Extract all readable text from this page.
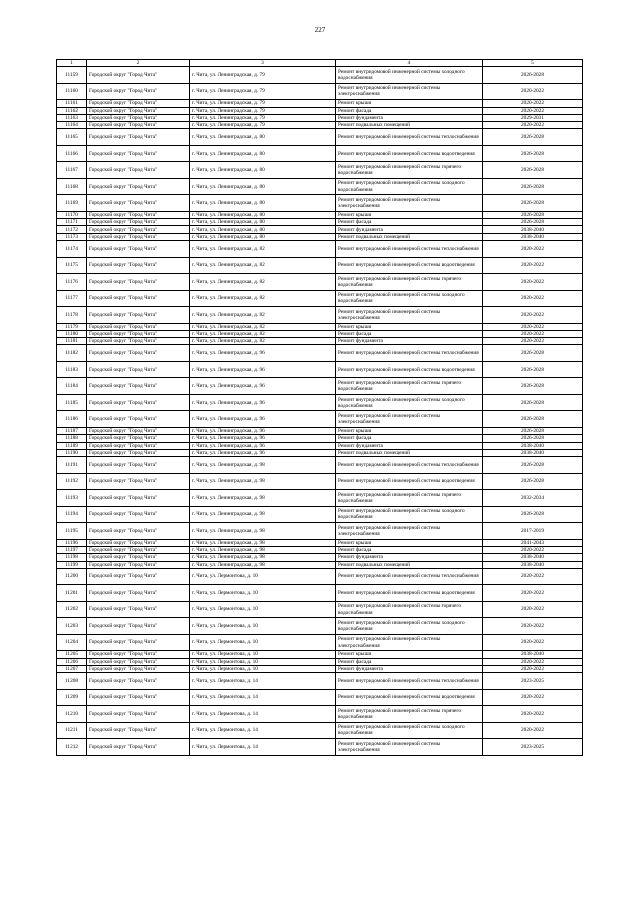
227
1	2	3	4	5
11159	Городской округ "Город Чита"	г. Чита, ул. Ленинградская, д. 79	Ремонт внутридомовой инженерной системы холодного водоснабжения	2026-2028
11160	Городской округ "Город Чита"	г. Чита, ул. Ленинградская, д. 79	Ремонт внутридомовой инженерной системы электроснабжения	2020-2022
11161	Городской округ "Город Чита"	г. Чита, ул. Ленинградская, д. 79	Ремонт крыши	2020-2022
11162	Городской округ "Город Чита"	г. Чита, ул. Ленинградская, д. 79	Ремонт фасада	2020-2022
11163	Городской округ "Город Чита"	г. Чита, ул. Ленинградская, д. 79	Ремонт фундамента	2029-2031
11164	Городской округ "Город Чита"	г. Чита, ул. Ленинградская, д. 79	Ремонт подвальных помещений	2020-2022
11165	Городской округ "Город Чита"	г. Чита, ул. Ленинградская, д. 80	Ремонт внутридомовой инженерной системы теплоснабжения	2026-2028
11166	Городской округ "Город Чита"	г. Чита, ул. Ленинградская, д. 80	Ремонт внутридомовой инженерной системы водоотведения	2026-2028
11167	Городской округ "Город Чита"	г. Чита, ул. Ленинградская, д. 80	Ремонт внутридомовой инженерной системы горячего водоснабжения	2026-2028
11168	Городской округ "Город Чита"	г. Чита, ул. Ленинградская, д. 80	Ремонт внутридомовой инженерной системы холодного водоснабжения	2026-2028
11169	Городской округ "Город Чита"	г. Чита, ул. Ленинградская, д. 80	Ремонт внутридомовой инженерной системы электроснабжения	2026-2028
11170	Городской округ "Город Чита"	г. Чита, ул. Ленинградская, д. 80	Ремонт крыши	2026-2028
11171	Городской округ "Город Чита"	г. Чита, ул. Ленинградская, д. 80	Ремонт фасада	2026-2028
11172	Городской округ "Город Чита"	г. Чита, ул. Ленинградская, д. 80	Ремонт фундамента	2038-2040
11173	Городской округ "Город Чита"	г. Чита, ул. Ленинградская, д. 80	Ремонт подвальных помещений	2038-2040
11174	Городской округ "Город Чита"	г. Чита, ул. Ленинградская, д. 82	Ремонт внутридомовой инженерной системы теплоснабжения	2020-2022
11175	Городской округ "Город Чита"	г. Чита, ул. Ленинградская, д. 82	Ремонт внутридомовой инженерной системы водоотведения	2020-2022
11176	Городской округ "Город Чита"	г. Чита, ул. Ленинградская, д. 82	Ремонт внутридомовой инженерной системы горячего водоснабжения	2020-2022
11177	Городской округ "Город Чита"	г. Чита, ул. Ленинградская, д. 82	Ремонт внутридомовой инженерной системы холодного водоснабжения	2020-2022
11178	Городской округ "Город Чита"	г. Чита, ул. Ленинградская, д. 82	Ремонт внутридомовой инженерной системы электроснабжения	2020-2022
11179	Городской округ "Город Чита"	г. Чита, ул. Ленинградская, д. 82	Ремонт крыши	2020-2022
11180	Городской округ "Город Чита"	г. Чита, ул. Ленинградская, д. 82	Ремонт фасада	2020-2022
11181	Городской округ "Город Чита"	г. Чита, ул. Ленинградская, д. 82	Ремонт фундамента	2020-2022
11182	Городской округ "Город Чита"	г. Чита, ул. Ленинградская, д. 96	Ремонт внутридомовой инженерной системы теплоснабжения	2026-2028
11183	Городской округ "Город Чита"	г. Чита, ул. Ленинградская, д. 96	Ремонт внутридомовой инженерной системы водоотведения	2026-2028
11184	Городской округ "Город Чита"	г. Чита, ул. Ленинградская, д. 96	Ремонт внутридомовой инженерной системы горячего водоснабжения	2026-2028
11185	Городской округ "Город Чита"	г. Чита, ул. Ленинградская, д. 96	Ремонт внутридомовой инженерной системы холодного водоснабжения	2026-2028
11186	Городской округ "Город Чита"	г. Чита, ул. Ленинградская, д. 96	Ремонт внутридомовой инженерной системы электроснабжения	2026-2028
11187	Городской округ "Город Чита"	г. Чита, ул. Ленинградская, д. 96	Ремонт крыши	2026-2028
11188	Городской округ "Город Чита"	г. Чита, ул. Ленинградская, д. 96	Ремонт фасада	2026-2028
11189	Городской округ "Город Чита"	г. Чита, ул. Ленинградская, д. 96	Ремонт фундамента	2038-2040
11190	Городской округ "Город Чита"	г. Чита, ул. Ленинградская, д. 96	Ремонт подвальных помещений	2038-2040
11191	Городской округ "Город Чита"	г. Чита, ул. Ленинградская, д. 98	Ремонт внутридомовой инженерной системы теплоснабжения	2026-2028
11192	Городской округ "Город Чита"	г. Чита, ул. Ленинградская, д. 98	Ремонт внутридомовой инженерной системы водоотведения	2026-2028
11193	Городской округ "Город Чита"	г. Чита, ул. Ленинградская, д. 98	Ремонт внутридомовой инженерной системы горячего водоснабжения	2032-2034
11194	Городской округ "Город Чита"	г. Чита, ул. Ленинградская, д. 98	Ремонт внутридомовой инженерной системы холодного водоснабжения	2026-2028
11195	Городской округ "Город Чита"	г. Чита, ул. Ленинградская, д. 98	Ремонт внутридомовой инженерной системы электроснабжения	2017-2019
11196	Городской округ "Город Чита"	г. Чита, ул. Ленинградская, д. 98	Ремонт крыши	2041-2043
11197	Городской округ "Город Чита"	г. Чита, ул. Ленинградская, д. 98	Ремонт фасада	2020-2022
11198	Городской округ "Город Чита"	г. Чита, ул. Ленинградская, д. 98	Ремонт фундамента	2038-2040
11199	Городской округ "Город Чита"	г. Чита, ул. Ленинградская, д. 98	Ремонт подвальных помещений	2038-2040
11200	Городской округ "Город Чита"	г. Чита, ул. Лермонтова, д. 10	Ремонт внутридомовой инженерной системы теплоснабжения	2020-2022
11201	Городской округ "Город Чита"	г. Чита, ул. Лермонтова, д. 10	Ремонт внутридомовой инженерной системы водоотведения	2020-2022
11202	Городской округ "Город Чита"	г. Чита, ул. Лермонтова, д. 10	Ремонт внутридомовой инженерной системы горячего водоснабжения	2020-2022
11203	Городской округ "Город Чита"	г. Чита, ул. Лермонтова, д. 10	Ремонт внутридомовой инженерной системы холодного водоснабжения	2020-2022
11204	Городской округ "Город Чита"	г. Чита, ул. Лермонтова, д. 10	Ремонт внутридомовой инженерной системы электроснабжения	2020-2022
11205	Городской округ "Город Чита"	г. Чита, ул. Лермонтова, д. 10	Ремонт крыши	2038-2040
11206	Городской округ "Город Чита"	г. Чита, ул. Лермонтова, д. 10	Ремонт фасада	2020-2022
11207	Городской округ "Город Чита"	г. Чита, ул. Лермонтова, д. 10	Ремонт фундамента	2020-2022
11208	Городской округ "Город Чита"	г. Чита, ул. Лермонтова, д. 14	Ремонт внутридомовой инженерной системы теплоснабжения	2023-2025
11209	Городской округ "Город Чита"	г. Чита, ул. Лермонтова, д. 14	Ремонт внутридомовой инженерной системы водоотведения	2020-2022
11210	Городской округ "Город Чита"	г. Чита, ул. Лермонтова, д. 14	Ремонт внутридомовой инженерной системы горячего водоснабжения	2020-2022
11211	Городской округ "Город Чита"	г. Чита, ул. Лермонтова, д. 14	Ремонт внутридомовой инженерной системы холодного водоснабжения	2020-2022
11212	Городской округ "Город Чита"	г. Чита, ул. Лермонтова, д. 14	Ремонт внутридомовой инженерной системы электроснабжения	2023-2025
